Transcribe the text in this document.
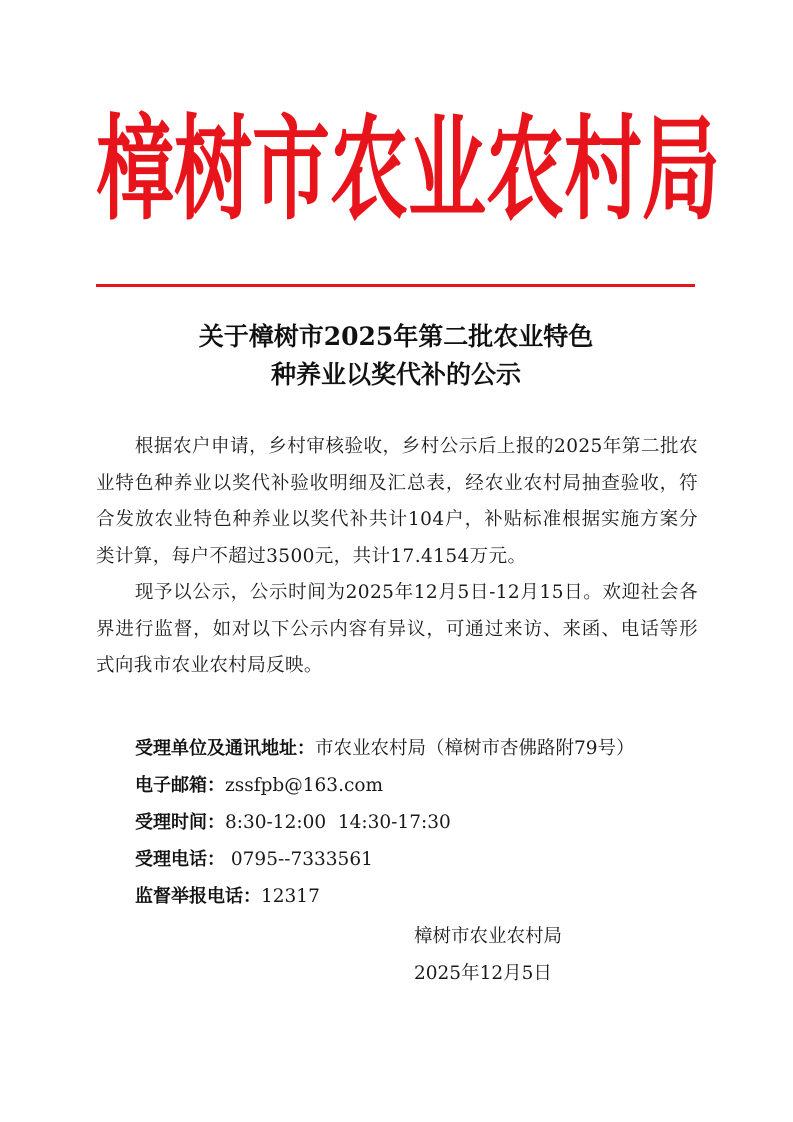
樟树市农业农村局
关于樟树市2025年第二批农业特色
种养业以奖代补的公示

根据农户申请，乡村审核验收，乡村公示后上报的2025年第二批农业特色种养业以奖代补验收明细及汇总表，经农业农村局抽查验收，符合发放农业特色种养业以奖代补共计104户，补贴标准根据实施方案分类计算，每户不超过3500元，共计17.4154万元。

现予以公示，公示时间为2025年12月5日-12月15日。欢迎社会各界进行监督，如对以下公示内容有异议，可通过来访、来函、电话等形式向我市农业农村局反映。

受理单位及通讯地址：市农业农村局（樟树市杏佛路附79号）
电子邮箱：zssfpb@163.com
受理时间：8:30-12:00  14:30-17:30
受理电话： 0795--7333561
监督举报电话：12317
樟树市农业农村局
2025年12月5日
